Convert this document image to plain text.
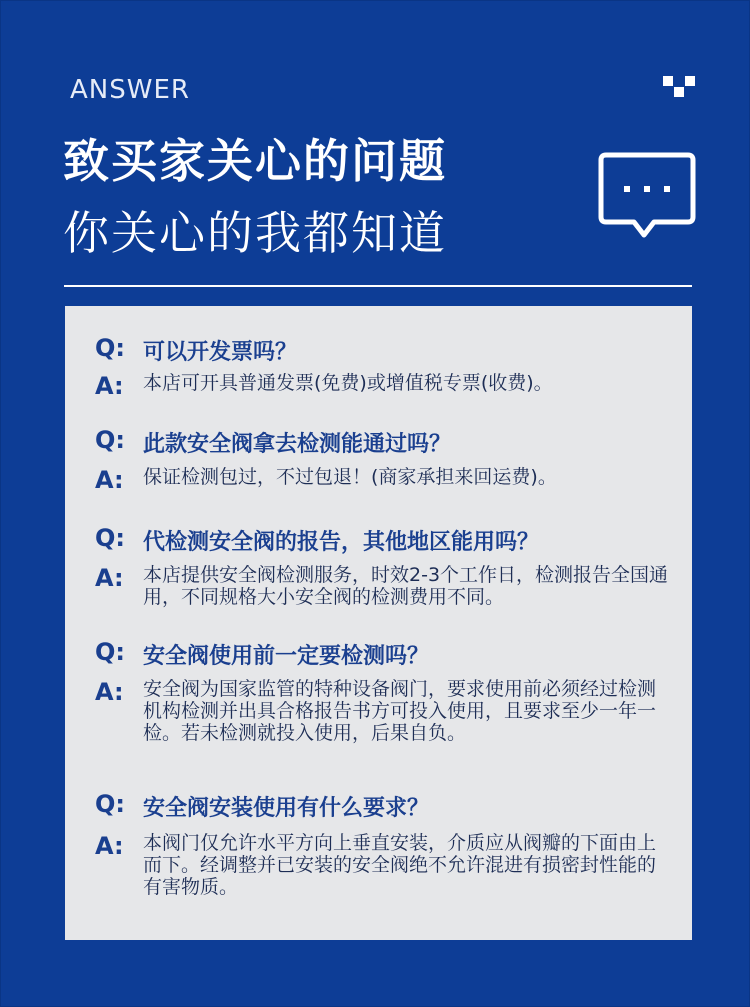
ANSWER
致买家关心的问题
你关心的我都知道
Q: 可以开发票吗？
A: 本店可开具普通发票(免费)或增值税专票(收费)。
Q: 此款安全阀拿去检测能通过吗？
A: 保证检测包过，不过包退！(商家承担来回运费)。
Q: 代检测安全阀的报告，其他地区能用吗？
A: 本店提供安全阀检测服务，时效2-3个工作日，检测报告全国通用，不同规格大小安全阀的检测费用不同。
Q: 安全阀使用前一定要检测吗？
A: 安全阀为国家监管的特种设备阀门，要求使用前必须经过检测机构检测并出具合格报告书方可投入使用，且要求至少一年一检。若未检测就投入使用，后果自负。
Q: 安全阀安装使用有什么要求？
A: 本阀门仅允许水平方向上垂直安装，介质应从阀瓣的下面由上而下。经调整并已安装的安全阀绝不允许混进有损密封性能的有害物质。
